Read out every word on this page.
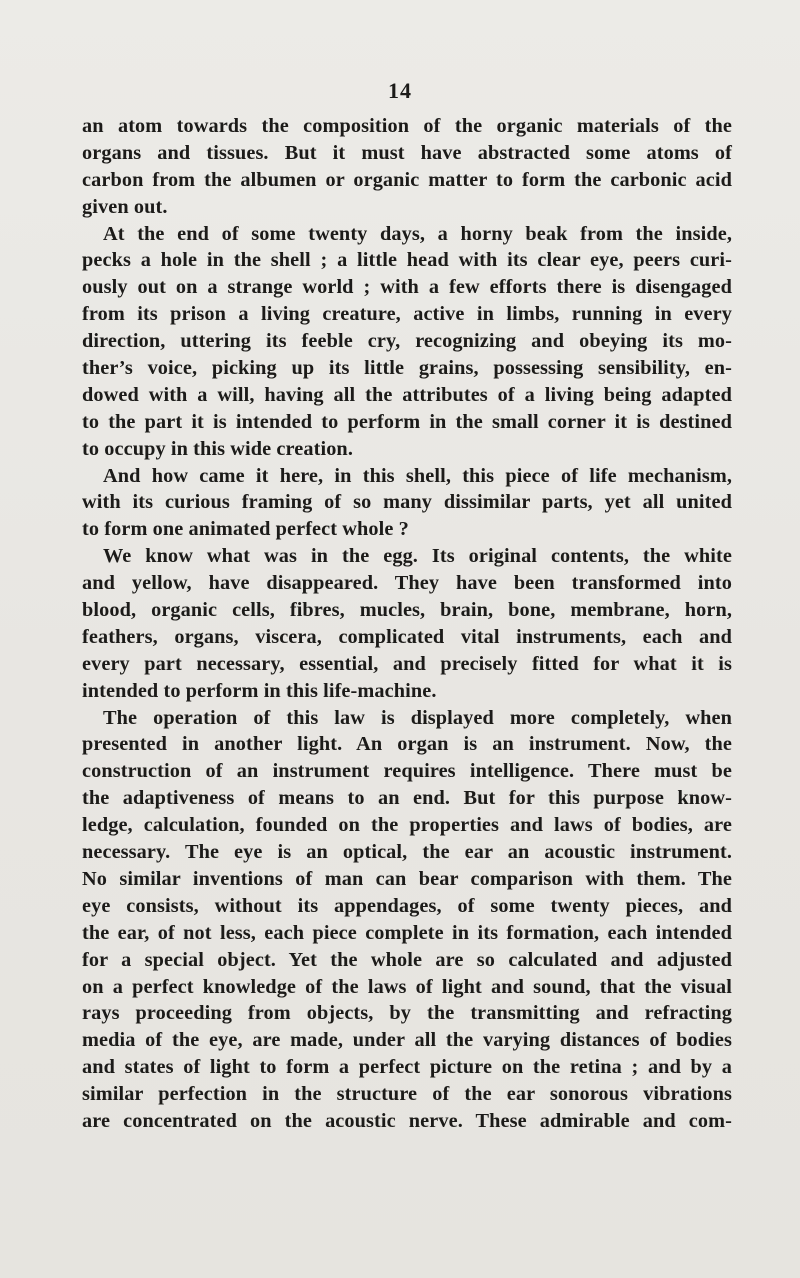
14
an atom towards the composition of the organic materials of the
organs and tissues. But it must have abstracted some atoms of
carbon from the albumen or organic matter to form the carbonic acid
given out.
At the end of some twenty days, a horny beak from the inside,
pecks a hole in the shell ; a little head with its clear eye, peers curi-
ously out on a strange world ; with a few efforts there is disengaged
from its prison a living creature, active in limbs, running in every
direction, uttering its feeble cry, recognizing and obeying its mo-
ther’s voice, picking up its little grains, possessing sensibility, en-
dowed with a will, having all the attributes of a living being adapted
to the part it is intended to perform in the small corner it is destined
to occupy in this wide creation.
And how came it here, in this shell, this piece of life mechanism,
with its curious framing of so many dissimilar parts, yet all united
to form one animated perfect whole ?
We know what was in the egg. Its original contents, the white
and yellow, have disappeared. They have been transformed into
blood, organic cells, fibres, mucles, brain, bone, membrane, horn,
feathers, organs, viscera, complicated vital instruments, each and
every part necessary, essential, and precisely fitted for what it is
intended to perform in this life-machine.
The operation of this law is displayed more completely, when
presented in another light. An organ is an instrument. Now, the
construction of an instrument requires intelligence. There must be
the adaptiveness of means to an end. But for this purpose know-
ledge, calculation, founded on the properties and laws of bodies, are
necessary. The eye is an optical, the ear an acoustic instrument.
No similar inventions of man can bear comparison with them. The
eye consists, without its appendages, of some twenty pieces, and
the ear, of not less, each piece complete in its formation, each intended
for a special object. Yet the whole are so calculated and adjusted
on a perfect knowledge of the laws of light and sound, that the visual
rays proceeding from objects, by the transmitting and refracting
media of the eye, are made, under all the varying distances of bodies
and states of light to form a perfect picture on the retina ; and by a
similar perfection in the structure of the ear sonorous vibrations
are concentrated on the acoustic nerve. These admirable and com-
